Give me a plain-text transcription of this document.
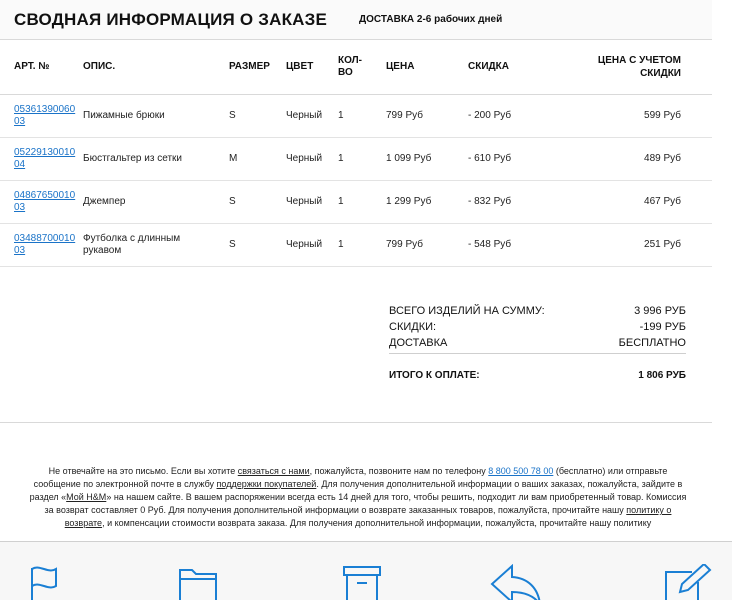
СВОДНАЯ ИНФОРМАЦИЯ О ЗАКАЗЕ	ДОСТАВКА 2-6 рабочих дней
АРТ. №	ОПИС.	РАЗМЕР	ЦВЕТ	КОЛ-ВО	ЦЕНА	СКИДКА	ЦЕНА С УЧЕТОМ СКИДКИ

0536139006003	Пижамные брюки	S	Черный	1	799 Руб	- 200 Руб	599 Руб

0522913001004	Бюстгальтер из сетки	M	Черный	1	1 099 Руб	- 610 Руб	489 Руб

0486765001003	Джемпер	S	Черный	1	1 299 Руб	- 832 Руб	467 Руб

0348870001003	Футболка с длинным рукавом	S	Черный	1	799 Руб	- 548 Руб	251 Руб
ВСЕГО ИЗДЕЛИЙ НА СУММУ:	3 996 РУБ
СКИДКИ:	-199 РУБ
ДОСТАВКА	БЕСПЛАТНО
ИТОГО К ОПЛАТЕ:	1 806 РУБ
Не отвечайте на это письмо. Если вы хотите связаться с нами, пожалуйста, позвоните нам по телефону 8 800 500 78 00 (бесплатно) или отправьте сообщение по электронной почте в службу поддержки покупателей. Для получения дополнительной информации о ваших заказах, пожалуйста, зайдите в раздел «Мой H&M» на нашем сайте. В вашем распоряжении всегда есть 14 дней для того, чтобы решить, подходит ли вам приобретенный товар. Комиссия за возврат составляет 0 Руб. Для получения дополнительной информации о возврате заказанных товаров, пожалуйста, прочитайте нашу политику о возврате, и компенсации стоимости возврата заказа. Для получения дополнительной информации, пожалуйста, прочитайте нашу политику
